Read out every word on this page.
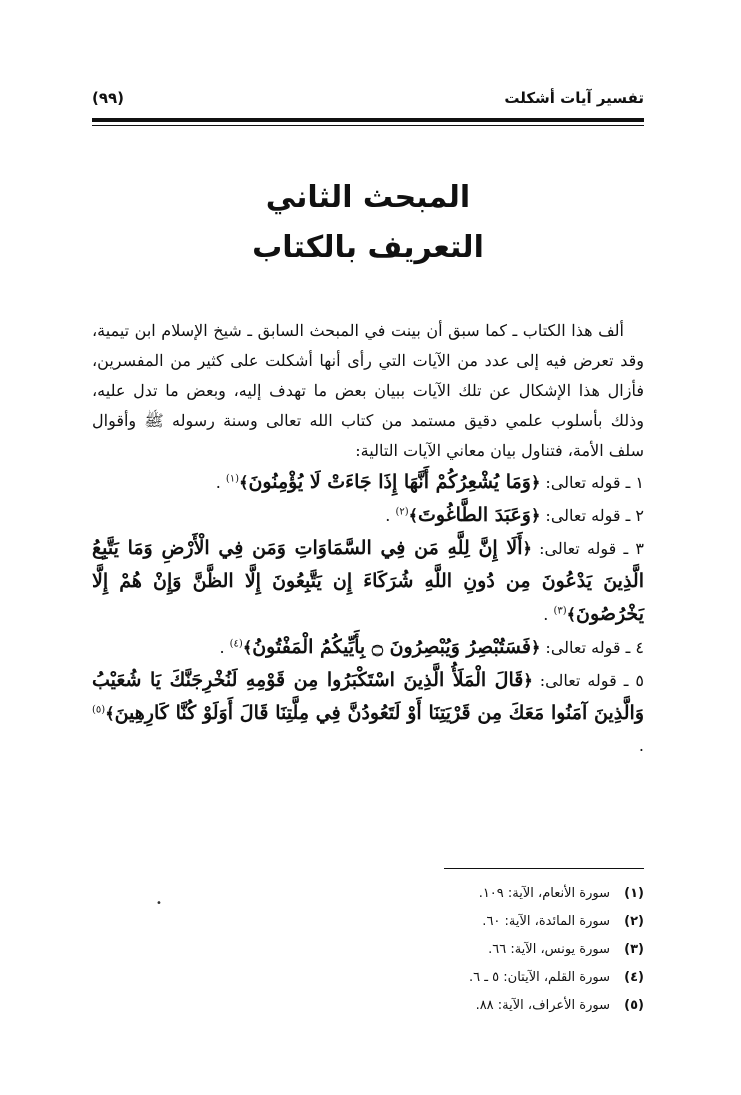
تفسير آيات أشكلت
(٩٩)
المبحث الثاني
التعريف بالكتاب

ألف هذا الكتاب ـ كما سبق أن بينت في المبحث السابق ـ شيخ الإسلام ابن تيمية، وقد تعرض فيه إلى عدد من الآيات التي رأى أنها أشكلت على كثير من المفسرين، فأزال هذا الإشكال عن تلك الآيات ببيان بعض ما تهدف إليه، وبعض ما تدل عليه، وذلك بأسلوب علمي دقيق مستمد من كتاب الله تعالى وسنة رسوله ﷺ وأقوال سلف الأمة، فتناول بيان معاني الآيات التالية:

١ ـ قوله تعالى: ﴿وَمَا يُشْعِرُكُمْ أَنَّهَا إِذَا جَاءَتْ لَا يُؤْمِنُونَ﴾$^{(١)}$ .
٢ ـ قوله تعالى: ﴿وَعَبَدَ الطَّاغُوتَ﴾$^{(٢)}$ .
٣ ـ قوله تعالى: ﴿أَلَا إِنَّ لِلَّهِ مَن فِي السَّمَاوَاتِ وَمَن فِي الْأَرْضِ وَمَا يَتَّبِعُ الَّذِينَ يَدْعُونَ مِن دُونِ اللَّهِ شُرَكَاءَ إِن يَتَّبِعُونَ إِلَّا الظَّنَّ وَإِنْ هُمْ إِلَّا يَخْرُصُونَ﴾$^{(٣)}$ .
٤ ـ قوله تعالى: ﴿فَسَتُبْصِرُ وَيُبْصِرُونَ ۝ بِأَيِّيكُمُ الْمَفْتُونُ﴾$^{(٤)}$ .
٥ ـ قوله تعالى: ﴿قَالَ الْمَلَأُ الَّذِينَ اسْتَكْبَرُوا مِن قَوْمِهِ لَنُخْرِجَنَّكَ يَا شُعَيْبُ وَالَّذِينَ آمَنُوا مَعَكَ مِن قَرْيَتِنَا أَوْ لَتَعُودُنَّ فِي مِلَّتِنَا قَالَ أَوَلَوْ كُنَّا كَارِهِينَ﴾$^{(٥)}$ .
•
(١)
سورة الأنعام، الآية: ١٠٩.
(٢)
سورة المائدة، الآية: ٦٠.
(٣)
سورة يونس، الآية: ٦٦.
(٤)
سورة القلم، الآيتان: ٥ ـ ٦.
(٥)
سورة الأعراف، الآية: ٨٨.
